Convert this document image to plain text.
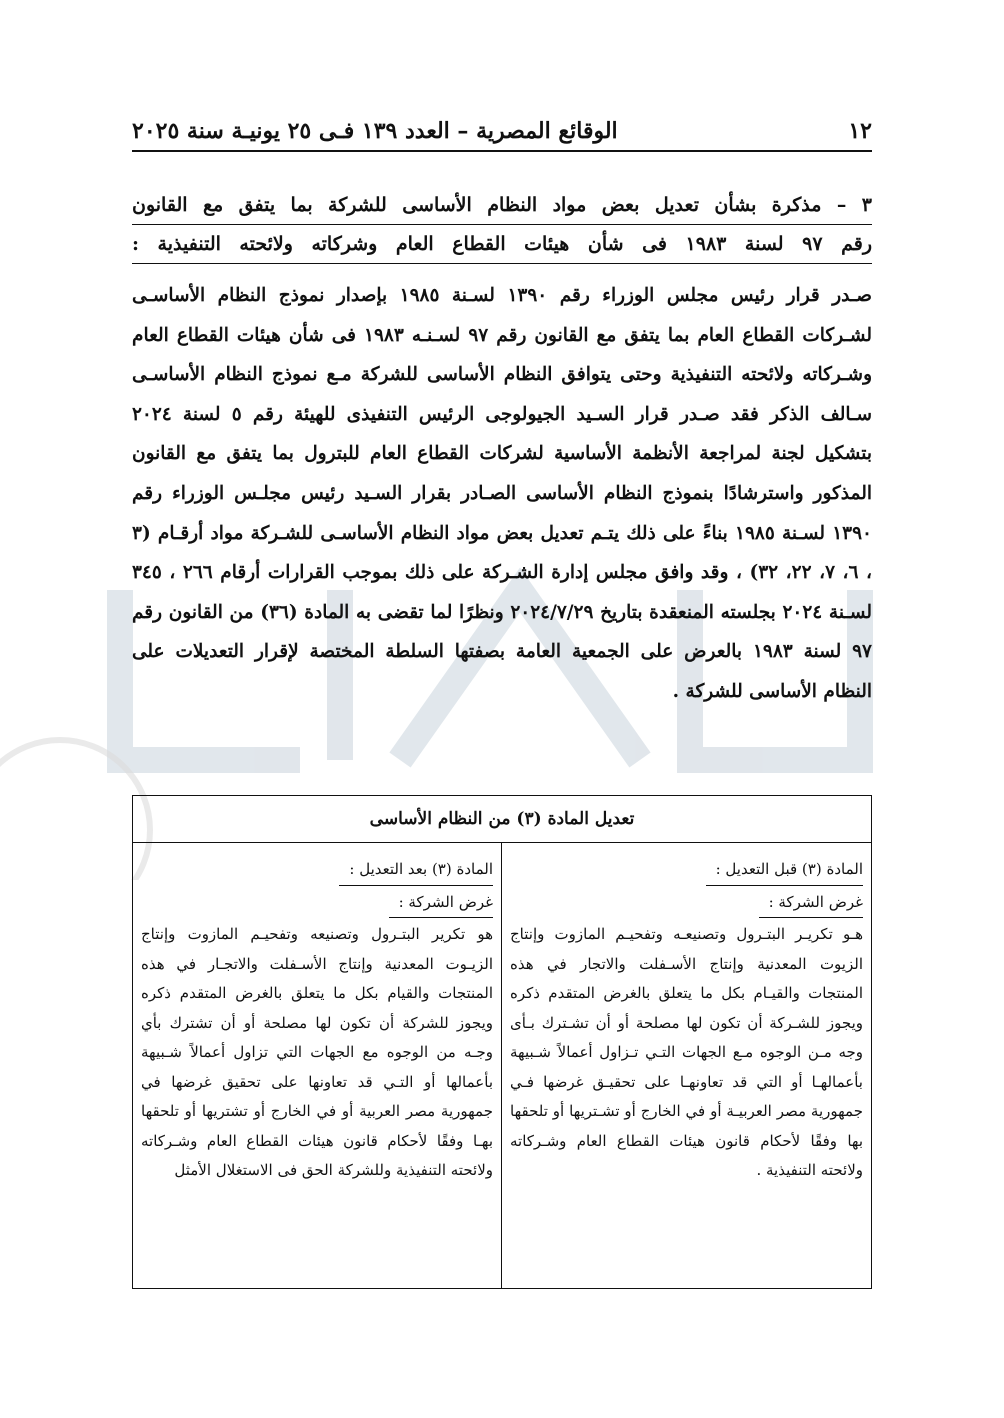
١٢
الوقائع المصرية – العدد ١٣٩ فـى ٢٥ يونيـة سنة ٢٠٢٥
٣ – مذكرة بشأن تعديل بعض مواد النظام الأساسى للشركة بما يتفق مع القانون
رقم ٩٧ لسنة ١٩٨٣ فى شأن هيئات القطاع العام وشركاته ولائحته التنفيذية :
صـدر قرار رئيس مجلس الوزراء رقم ١٣٩٠ لسـنة ١٩٨٥ بإصدار نموذج النظام الأساسـى لشـركات القطاع العام بما يتفق مع القانون رقم ٩٧ لسـنـه ١٩٨٣ فى شأن هيئات القطاع العام وشـركاته ولائحته التنفيذية وحتى يتوافق النظام الأساسى للشركة مـع نموذج النظام الأساسـى سـالف الذكر فقد صـدر قرار السـيد الجيولوجى الرئيس التنفيذى للهيئة رقم ٥ لسنة ٢٠٢٤ بتشكيل لجنة لمراجعة الأنظمة الأساسية لشركات القطاع العام للبترول بما يتفق مع القانون المذكور واسترشادًا بنموذج النظام الأساسى الصـادر بقرار السـيد رئيس مجلـس الوزراء رقم ١٣٩٠ لسـنة ١٩٨٥ بناءً على ذلك يتـم تعديل بعض مواد النظام الأساسـى للشـركة مواد أرقـام (٣ ، ٦، ٧، ٢٢، ٣٢) ، وقد وافق مجلس إدارة الشـركة على ذلك بموجب القرارات أرقام ٢٦٦ ، ٣٤٥ لسـنة ٢٠٢٤ بجلسته المنعقدة بتاريخ ٢٠٢٤/٧/٢٩ ونظرًا لما تقضى به المادة (٣٦) من القانون رقم ٩٧ لسنة ١٩٨٣ بالعرض على الجمعية العامة بصفتها السلطة المختصة لإقرار التعديلات على النظام الأساسى للشركة .
تعديل المادة (٣) من النظام الأساسى
المادة (٣) قبل التعديل :
غرض الشركة :
هـو تكريـر البتـرول وتصنيعـه وتفحيـم المازوت وإنتاج الزيوت المعدنية وإنتاج الأسـفلت والاتجار في هذه المنتجات والقيـام بكل ما يتعلق بالغرض المتقدم ذكره ويجوز للشـركة أن تكون لها مصلحة أو أن تشـترك بـأى وجه مـن الوجوه مـع الجهات التـي تـزاول أعمالاً شـبيهة بأعمالهـا أو التي قد تعاونهـا على تحقيـق غرضها فـي جمهورية مصر العربيـة أو في الخارج أو تشـتريها أو تلحقها بها وفقًا لأحكام قانون هيئات القطاع العام وشـركاته ولائحته التنفيذية .
المادة (٣) بعد التعديل :
غرض الشركة :
هو تكرير البتـرول وتصنيعه وتفحيـم المازوت وإنتاج الزيـوت المعدنية وإنتاج الأسـفلت والاتجـار في هذه المنتجات والقيام بكل ما يتعلق بالغرض المتقدم ذكره ويجوز للشركة أن تكون لها مصلحة أو أن تشترك بأي وجـه من الوجوه مع الجهات التي تزاول أعمالاً شـبيهة بأعمالها أو التـي قد تعاونها على تحقيق غرضها في جمهورية مصر العربية أو في الخارج أو تشتريها أو تلحقها بهـا وفقًا لأحكام قانون هيئات القطاع العام وشـركاته ولائحته التنفيذية وللشركة الحق فى الاستغلال الأمثل
